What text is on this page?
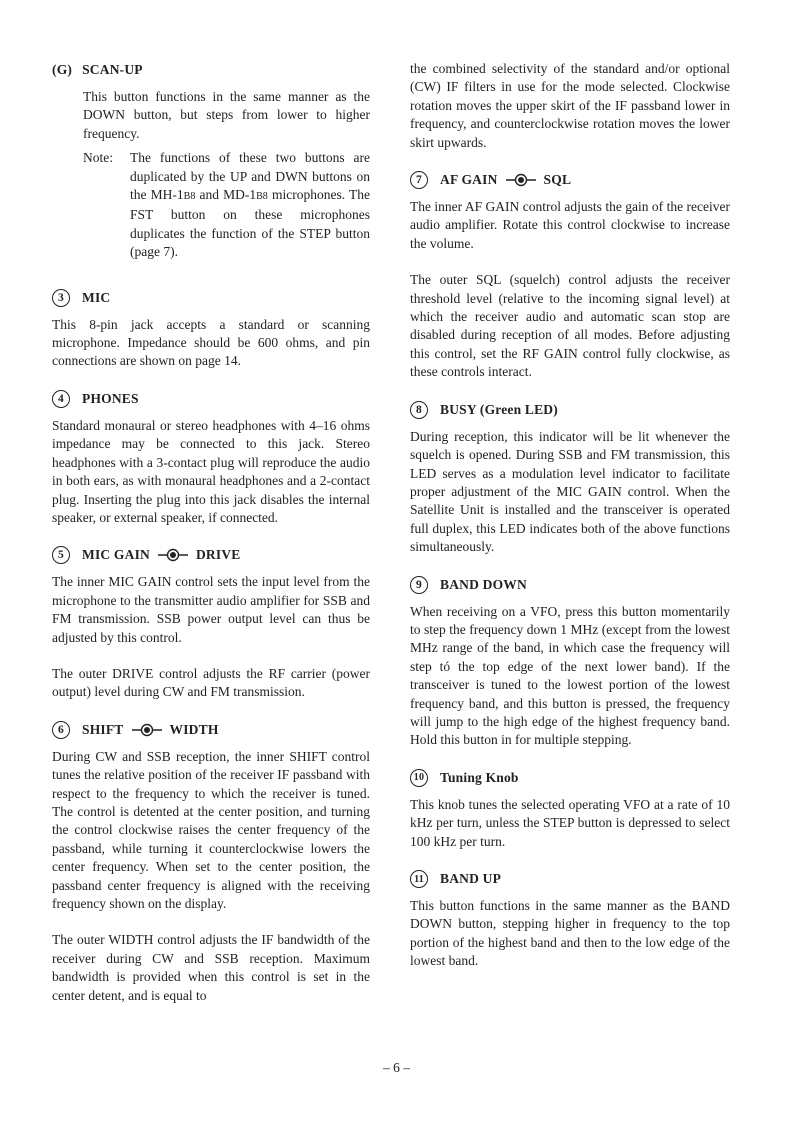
(G) SCAN-UP

This button functions in the same manner as the DOWN button, but steps from lower to higher frequency.

Note:	The functions of these two buttons are duplicated by the UP and DWN buttons on the MH-1B8 and MD-1B8 microphones. The FST button on these microphones duplicates the function of the STEP button (page 7).

3	MIC

This 8-pin jack accepts a standard or scanning microphone. Impedance should be 600 ohms, and pin connections are shown on page 14.

4	PHONES

Standard monaural or stereo headphones with 4–16 ohms impedance may be connected to this jack. Stereo headphones with a 3-contact plug will reproduce the audio in both ears, as with monaural headphones and a 2-contact plug. Inserting the plug into this jack disables the internal speaker, or external speaker, if connected.

5	MIC GAIN	DRIVE

The inner MIC GAIN control sets the input level from the microphone to the transmitter audio amplifier for SSB and FM transmission. SSB power output level can thus be adjusted by this control.

The outer DRIVE control adjusts the RF carrier (power output) level during CW and FM transmission.

6	SHIFT	WIDTH

During CW and SSB reception, the inner SHIFT control tunes the relative position of the receiver IF passband with respect to the frequency to which the receiver is tuned. The control is detented at the center position, and turning the control clockwise raises the center frequency of the passband, while turning it counterclockwise lowers the center frequency. When set to the center position, the passband center frequency is aligned with the receiving frequency shown on the display.

The outer WIDTH control adjusts the IF bandwidth of the receiver during CW and SSB reception. Maximum bandwidth is provided when this control is set in the center detent, and is equal to

the combined selectivity of the standard and/or optional (CW) IF filters in use for the mode selected. Clockwise rotation moves the upper skirt of the IF passband lower in frequency, and counterclockwise rotation moves the lower skirt upwards.

7	AF GAIN	SQL

The inner AF GAIN control adjusts the gain of the receiver audio amplifier. Rotate this control clockwise to increase the volume.

The outer SQL (squelch) control adjusts the receiver threshold level (relative to the incoming signal level) at which the receiver audio and automatic scan stop are disabled during reception of all modes. Before adjusting this control, set the RF GAIN control fully clockwise, as these controls interact.

8	BUSY (Green LED)

During reception, this indicator will be lit whenever the squelch is opened. During SSB and FM transmission, this LED serves as a modulation level indicator to facilitate proper adjustment of the MIC GAIN control. When the Satellite Unit is installed and the transceiver is operated full duplex, this LED indicates both of the above functions simultaneously.

9	BAND DOWN

When receiving on a VFO, press this button momentarily to step the frequency down 1 MHz (except from the lowest MHz range of the band, in which case the frequency will step tó the top edge of the next lower band). If the transceiver is tuned to the lowest portion of the lowest frequency band, and this button is pressed, the frequency will jump to the high edge of the highest frequency band. Hold this button in for multiple stepping.

10 Tuning Knob

This knob tunes the selected operating VFO at a rate of 10 kHz per turn, unless the STEP button is depressed to select 100 kHz per turn.

11	BAND UP

This button functions in the same manner as the BAND DOWN button, stepping higher in frequency to the top portion of the highest band and then to the low edge of the lowest band.

– 6 –
